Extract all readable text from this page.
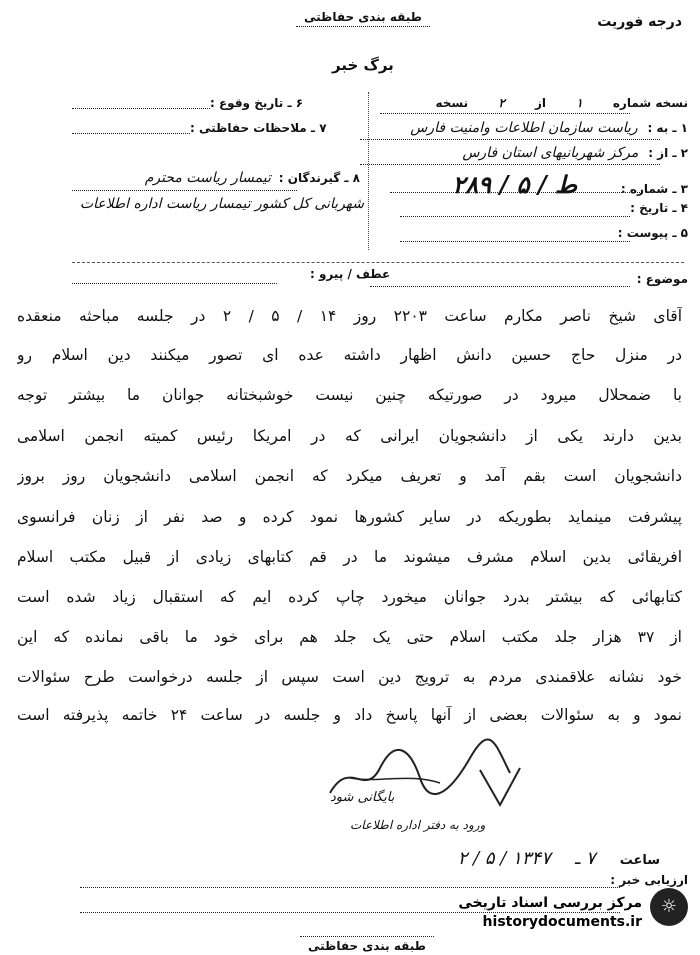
درجه فوریت
طبقه بندی حفاظتی
برگ خبر
نسخه شماره ۱ از ۲ نسخه
۱ ـ به : ریاست سازمان اطلاعات وامنیت فارس
۲ ـ از : مرکز شهربانیهای استان فارس
۳ ـ شماره : ط / ۵ / ۲۸۹
۴ ـ تاریخ :
۵ ـ پیوست :
۶ ـ تاریخ وقوع :
۷ ـ ملاحظات حفاظتی :
۸ ـ گیرندگان : تیمسار ریاست محترم
شهربانی کل کشور تیمسار ریاست اداره اطلاعات
موضوع :
عطف / پیرو :
آقای شیخ ناصر مکارم ساعت ۲۲۰۳ روز ۱۴ / ۵ / ۲ در جلسه مباحثه منعقده
در منزل حاج حسین دانش اظهار داشته عده ای تصور میکنند دین اسلام رو
با ضمحلال میرود در صورتیکه چنین نیست خوشبختانه جوانان ما بیشتر توجه
بدین دارند یکی از دانشجویان ایرانی که در امریکا رئیس کمیته انجمن اسلامی
دانشجویان است بقم آمد و تعریف میکرد که انجمن اسلامی دانشجویان روز بروز
پیشرفت مینماید بطوریکه در سایر کشورها نمود کرده و صد نفر از زنان فرانسوی
افریقائی بدین اسلام مشرف میشوند ما در قم کتابهای زیادی از قبیل مکتب اسلام
کتابهائی که بیشتر بدرد جوانان میخورد چاپ کرده ایم که استقبال زیاد شده است
از ۳۷ هزار جلد مکتب اسلام حتی یک جلد هم برای خود ما باقی نمانده که این
خود نشانه علاقمندی مردم به ترویج دین است سپس از جلسه درخواست طرح سئوالات
نمود و به سئوالات بعضی از آنها پاسخ داد و جلسه در ساعت ۲۴ خاتمه پذیرفته است
بایگانی شود
ورود به دفتر اداره اطلاعات
ساعت ۷ ـ ۱۳۴۷ / ۵ / ۲
ارزیابی خبر :
☼
مرکز بررسی اسناد تاریخی
historydocuments.ir
طبقه بندی حفاظتی
